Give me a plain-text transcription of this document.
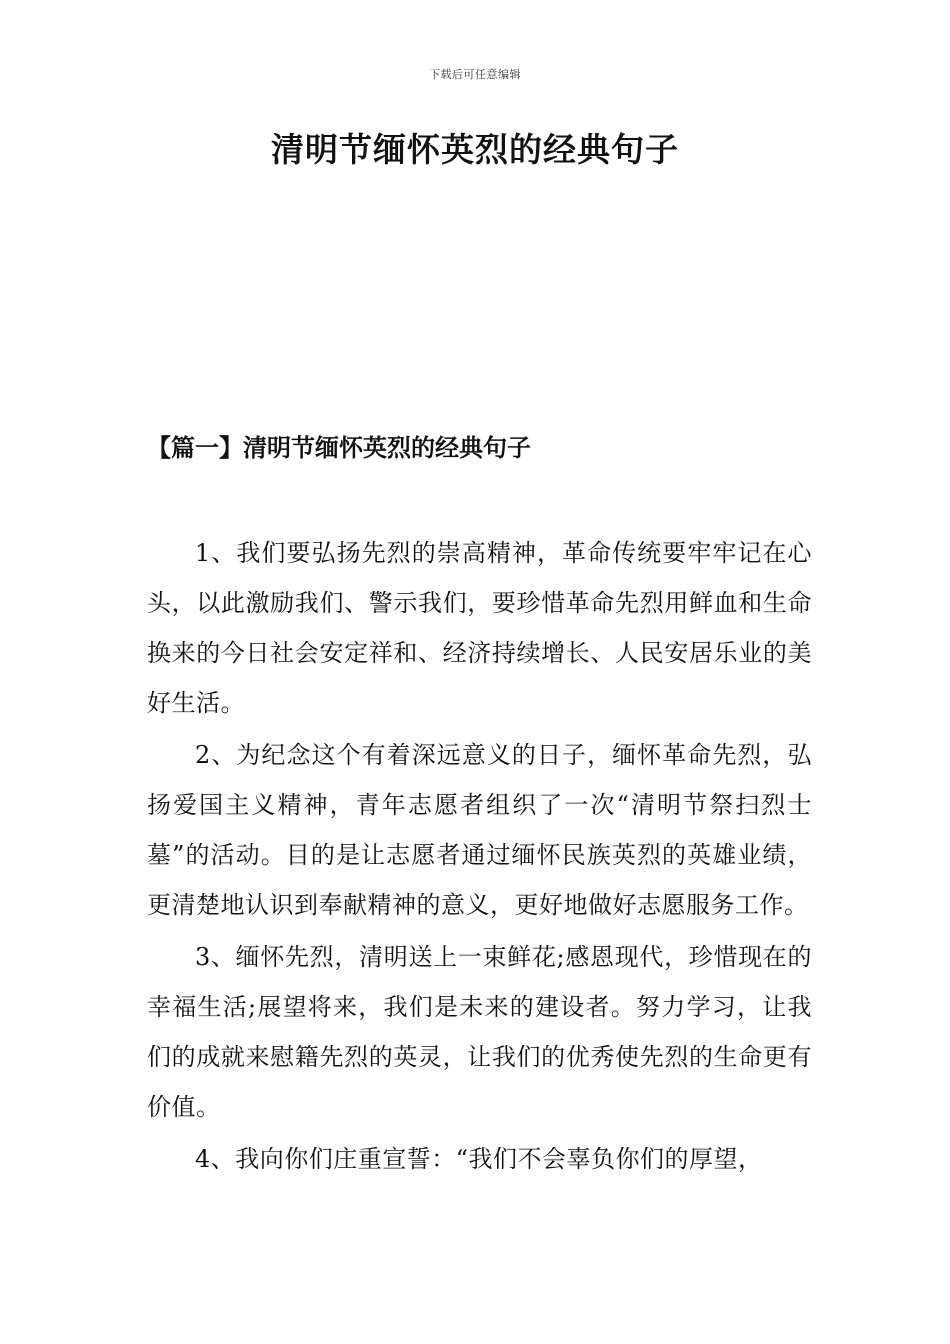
下载后可任意编辑
清明节缅怀英烈的经典句子
【篇一】清明节缅怀英烈的经典句子

1、我们要弘扬先烈的崇高精神，革命传统要牢牢记在心头，以此激励我们、警示我们，要珍惜革命先烈用鲜血和生命换来的今日社会安定祥和、经济持续增长、人民安居乐业的美好生活。

2、为纪念这个有着深远意义的日子，缅怀革命先烈，弘扬爱国主义精神，青年志愿者组织了一次“清明节祭扫烈士墓”的活动。目的是让志愿者通过缅怀民族英烈的英雄业绩，更清楚地认识到奉献精神的意义，更好地做好志愿服务工作。

3、缅怀先烈，清明送上一束鲜花;感恩现代，珍惜现在的幸福生活;展望将来，我们是未来的建设者。努力学习，让我们的成就来慰籍先烈的英灵，让我们的优秀使先烈的生命更有价值。

4、我向你们庄重宣誓：“我们不会辜负你们的厚望，
